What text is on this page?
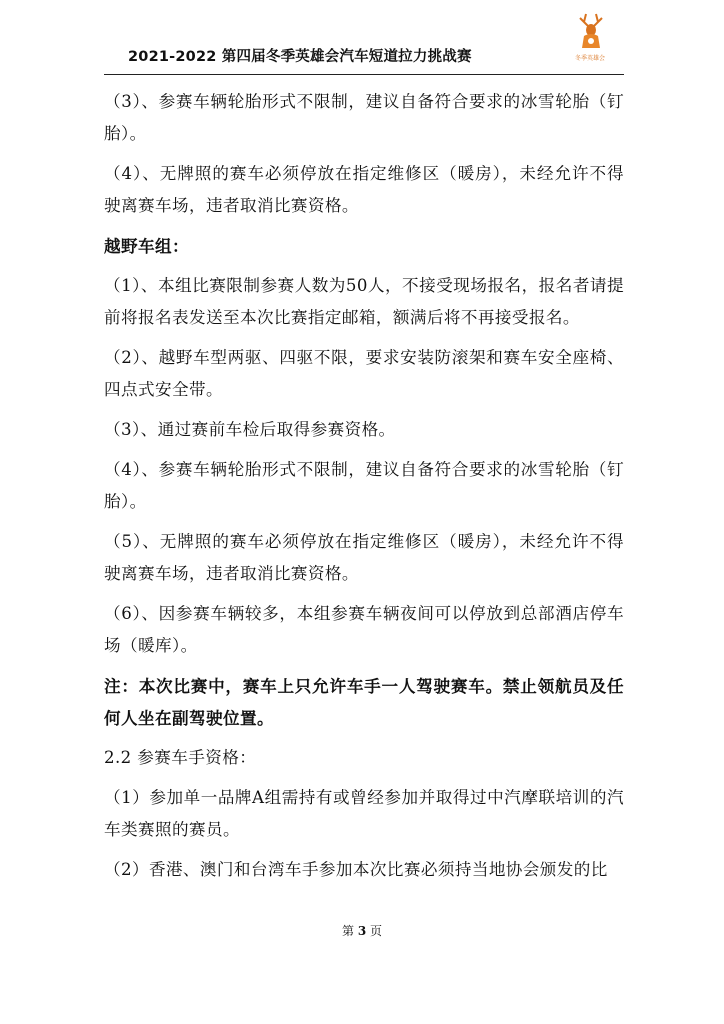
2021-2022 第四届冬季英雄会汽车短道拉力挑战赛	冬季英雄会

（3）、参赛车辆轮胎形式不限制，建议自备符合要求的冰雪轮胎（钉胎）。

（4）、无牌照的赛车必须停放在指定维修区（暖房），未经允许不得驶离赛车场，违者取消比赛资格。

越野车组：

（1）、本组比赛限制参赛人数为50人，不接受现场报名，报名者请提前将报名表发送至本次比赛指定邮箱，额满后将不再接受报名。

（2）、越野车型两驱、四驱不限，要求安装防滚架和赛车安全座椅、四点式安全带。

（3）、通过赛前车检后取得参赛资格。

（4）、参赛车辆轮胎形式不限制，建议自备符合要求的冰雪轮胎（钉胎）。

（5）、无牌照的赛车必须停放在指定维修区（暖房），未经允许不得驶离赛车场，违者取消比赛资格。

（6）、因参赛车辆较多，本组参赛车辆夜间可以停放到总部酒店停车场（暖库）。

注：本次比赛中，赛车上只允许车手一人驾驶赛车。禁止领航员及任何人坐在副驾驶位置。

2.2 参赛车手资格：

（1）参加单一品牌A组需持有或曾经参加并取得过中汽摩联培训的汽车类赛照的赛员。

（2）香港、澳门和台湾车手参加本次比赛必须持当地协会颁发的比

第 3 页
